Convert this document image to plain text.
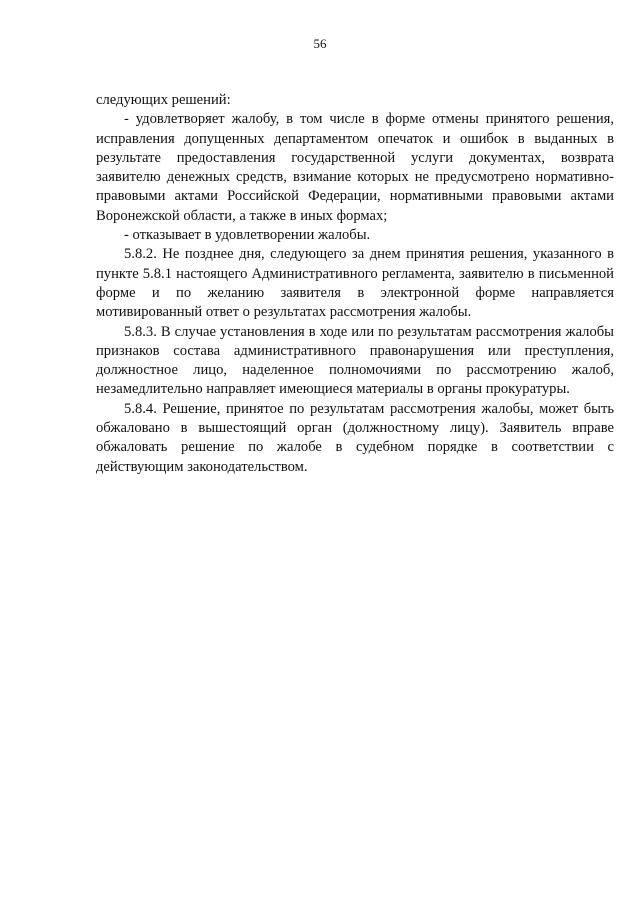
56

следующих решений:

- удовлетворяет жалобу, в том числе в форме отмены принятого решения, исправления допущенных департаментом опечаток и ошибок в выданных в результате предоставления государственной услуги документах, возврата заявителю денежных средств, взимание которых не предусмотрено нормативно-правовыми актами Российской Федерации, нормативными правовыми актами Воронежской области, а также в иных формах;

- отказывает в удовлетворении жалобы.

5.8.2. Не позднее дня, следующего за днем принятия решения, указанного в пункте 5.8.1 настоящего Административного регламента, заявителю в письменной форме и по желанию заявителя в электронной форме направляется мотивированный ответ о результатах рассмотрения жалобы.

5.8.3. В случае установления в ходе или по результатам рассмотрения жалобы признаков состава административного правонарушения или преступления, должностное лицо, наделенное полномочиями по рассмотрению жалоб, незамедлительно направляет имеющиеся материалы в органы прокуратуры.

5.8.4. Решение, принятое по результатам рассмотрения жалобы, может быть обжаловано в вышестоящий орган (должностному лицу). Заявитель вправе обжаловать решение по жалобе в судебном порядке в соответствии с действующим законодательством.
